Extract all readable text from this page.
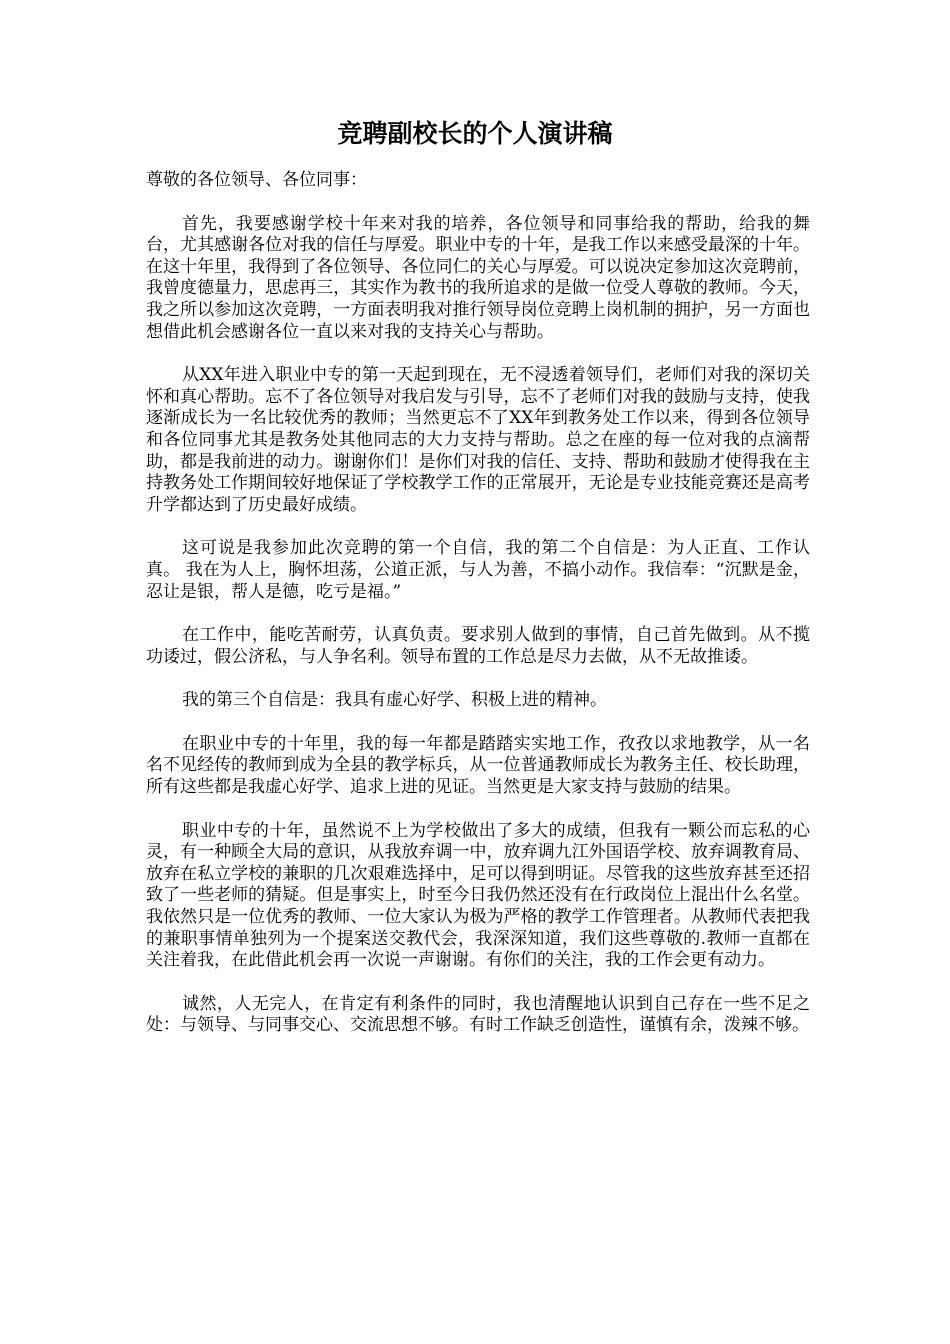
竞聘副校长的个人演讲稿

尊敬的各位领导、各位同事：

首先，我要感谢学校十年来对我的培养，各位领导和同事给我的帮助，给我的舞台，尤其感谢各位对我的信任与厚爱。职业中专的十年，是我工作以来感受最深的十年。在这十年里，我得到了各位领导、各位同仁的关心与厚爱。可以说决定参加这次竞聘前，我曾度德量力，思虑再三，其实作为教书的我所追求的是做一位受人尊敬的教师。今天，我之所以参加这次竞聘，一方面表明我对推行领导岗位竞聘上岗机制的拥护，另一方面也想借此机会感谢各位一直以来对我的支持关心与帮助。

从XX年进入职业中专的第一天起到现在，无不浸透着领导们，老师们对我的深切关怀和真心帮助。忘不了各位领导对我启发与引导，忘不了老师们对我的鼓励与支持，使我逐渐成长为一名比较优秀的教师；当然更忘不了XX年到教务处工作以来，得到各位领导和各位同事尤其是教务处其他同志的大力支持与帮助。总之在座的每一位对我的点滴帮助，都是我前进的动力。谢谢你们！是你们对我的信任、支持、帮助和鼓励才使得我在主持教务处工作期间较好地保证了学校教学工作的正常展开，无论是专业技能竞赛还是高考升学都达到了历史最好成绩。

这可说是我参加此次竞聘的第一个自信，我的第二个自信是：为人正直、工作认真。 我在为人上，胸怀坦荡，公道正派，与人为善，不搞小动作。我信奉：“沉默是金，忍让是银，帮人是德，吃亏是福。”

在工作中，能吃苦耐劳，认真负责。要求别人做到的事情，自己首先做到。从不揽功诿过，假公济私，与人争名利。领导布置的工作总是尽力去做，从不无故推诿。

我的第三个自信是：我具有虚心好学、积极上进的精神。

在职业中专的十年里，我的每一年都是踏踏实实地工作，孜孜以求地教学，从一名名不见经传的教师到成为全县的教学标兵，从一位普通教师成长为教务主任、校长助理，所有这些都是我虚心好学、追求上进的见证。当然更是大家支持与鼓励的结果。

职业中专的十年，虽然说不上为学校做出了多大的成绩，但我有一颗公而忘私的心灵，有一种顾全大局的意识，从我放弃调一中，放弃调九江外国语学校、放弃调教育局、放弃在私立学校的兼职的几次艰难选择中，足可以得到明证。尽管我的这些放弃甚至还招致了一些老师的猜疑。但是事实上，时至今日我仍然还没有在行政岗位上混出什么名堂。我依然只是一位优秀的教师、一位大家认为极为严格的教学工作管理者。从教师代表把我的兼职事情单独列为一个提案送交教代会，我深深知道，我们这些尊敬的.教师一直都在关注着我，在此借此机会再一次说一声谢谢。有你们的关注，我的工作会更有动力。

诚然，人无完人，在肯定有利条件的同时，我也清醒地认识到自己存在一些不足之处：与领导、与同事交心、交流思想不够。有时工作缺乏创造性，谨慎有余，泼辣不够。
